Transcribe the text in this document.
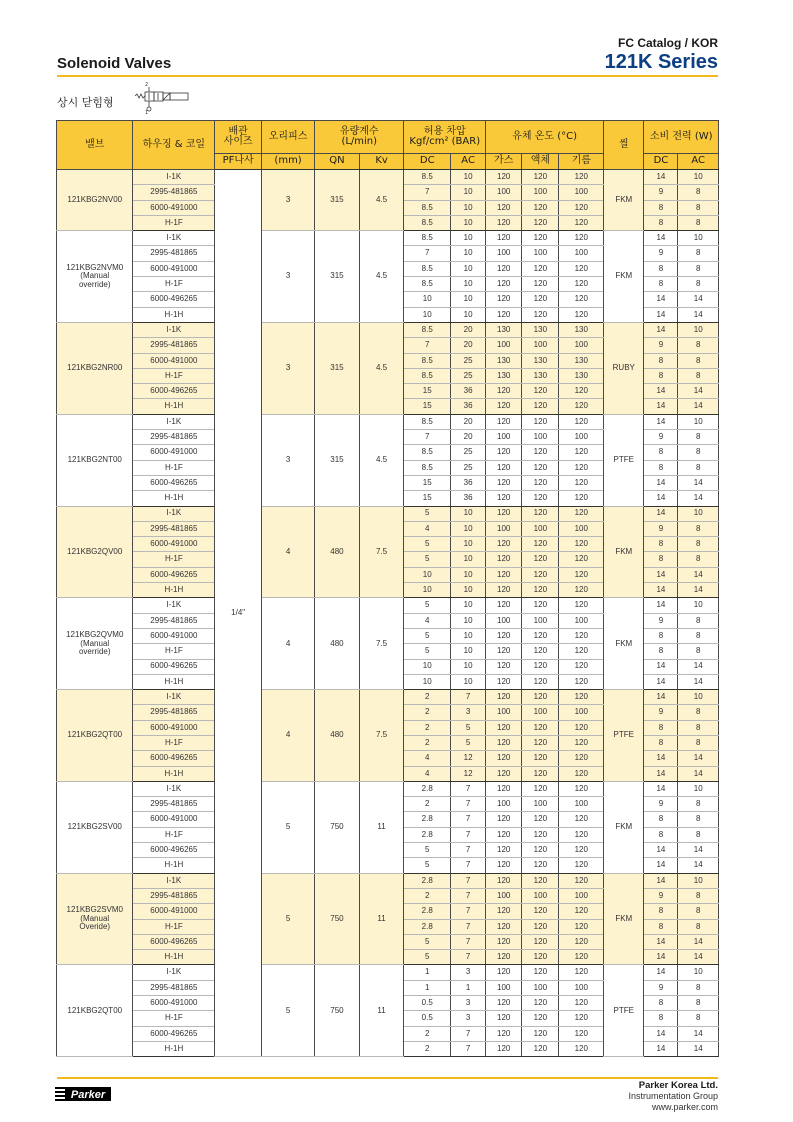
FC Catalog / KOR
Solenoid Valves	121K Series
상시 닫힘형
2
1
밸브	하우징 & 코일	배관
사이즈	오리피스	유량계수
(L/min)		허용 차압
Kgf/cm² (BAR)		유체 온도 (°C)			씰	소비 전력 (W)	
		PF나사	(mm)	QN	Kv	DC	AC	가스	액체	기름		DC	AC
121KBG2NV00	I-1K	1/4"	3	315	4.5	8.5	10	120	120	120	FKM	14	10
	2995-481865					7	10	100	100	100		9	8
	6000-491000					8.5	10	120	120	120		8	8
	H-1F					8.5	10	120	120	120		8	8
121KBG2NVM0
(Manual
override)	I-1K		3	315	4.5	8.5	10	120	120	120	FKM	14	10
	2995-481865					7	10	100	100	100		9	8
	6000-491000					8.5	10	120	120	120		8	8
	H-1F					8.5	10	120	120	120		8	8
	6000-496265					10	10	120	120	120		14	14
	H-1H					10	10	120	120	120		14	14
121KBG2NR00	I-1K		3	315	4.5	8.5	20	130	130	130	RUBY	14	10
	2995-481865					7	20	100	100	100		9	8
	6000-491000					8.5	25	130	130	130		8	8
	H-1F					8.5	25	130	130	130		8	8
	6000-496265					15	36	120	120	120		14	14
	H-1H					15	36	120	120	120		14	14
121KBG2NT00	I-1K		3	315	4.5	8.5	20	120	120	120	PTFE	14	10
	2995-481865					7	20	100	100	100		9	8
	6000-491000					8.5	25	120	120	120		8	8
	H-1F					8.5	25	120	120	120		8	8
	6000-496265					15	36	120	120	120		14	14
	H-1H					15	36	120	120	120		14	14
121KBG2QV00	I-1K		4	480	7.5	5	10	120	120	120	FKM	14	10
	2995-481865					4	10	100	100	100		9	8
	6000-491000					5	10	120	120	120		8	8
	H-1F					5	10	120	120	120		8	8
	6000-496265					10	10	120	120	120		14	14
	H-1H					10	10	120	120	120		14	14
121KBG2QVM0
(Manual
override)	I-1K		4	480	7.5	5	10	120	120	120	FKM	14	10
	2995-481865					4	10	100	100	100		9	8
	6000-491000					5	10	120	120	120		8	8
	H-1F					5	10	120	120	120		8	8
	6000-496265					10	10	120	120	120		14	14
	H-1H					10	10	120	120	120		14	14
121KBG2QT00	I-1K		4	480	7.5	2	7	120	120	120	PTFE	14	10
	2995-481865					2	3	100	100	100		9	8
	6000-491000					2	5	120	120	120		8	8
	H-1F					2	5	120	120	120		8	8
	6000-496265					4	12	120	120	120		14	14
	H-1H					4	12	120	120	120		14	14
121KBG2SV00	I-1K		5	750	11	2.8	7	120	120	120	FKM	14	10
	2995-481865					2	7	100	100	100		9	8
	6000-491000					2.8	7	120	120	120		8	8
	H-1F					2.8	7	120	120	120		8	8
	6000-496265					5	7	120	120	120		14	14
	H-1H					5	7	120	120	120		14	14
121KBG2SVM0
(Manual
Overide)	I-1K		5	750	11	2.8	7	120	120	120	FKM	14	10
	2995-481865					2	7	100	100	100		9	8
	6000-491000					2.8	7	120	120	120		8	8
	H-1F					2.8	7	120	120	120		8	8
	6000-496265					5	7	120	120	120		14	14
	H-1H					5	7	120	120	120		14	14
121KBG2QT00	I-1K		5	750	11	1	3	120	120	120	PTFE	14	10
	2995-481865					1	1	100	100	100		9	8
	6000-491000					0.5	3	120	120	120		8	8
	H-1F					0.5	3	120	120	120		8	8
	6000-496265					2	7	120	120	120		14	14
	H-1H					2	7	120	120	120		14	14
Parker
Parker Korea Ltd.
Instrumentation Group
www.parker.com
